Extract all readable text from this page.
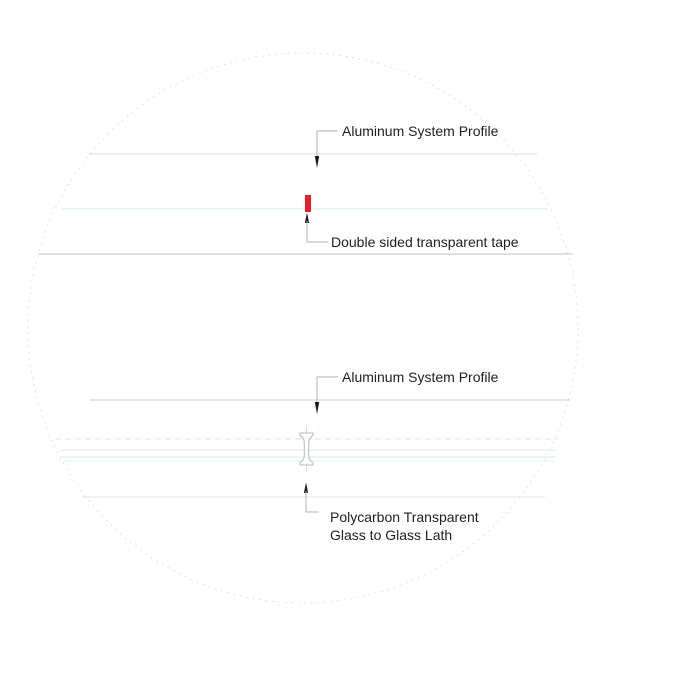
Aluminum System Profile
Double sided transparent tape
Aluminum System Profile
Polycarbon Transparent
Glass to Glass Lath
